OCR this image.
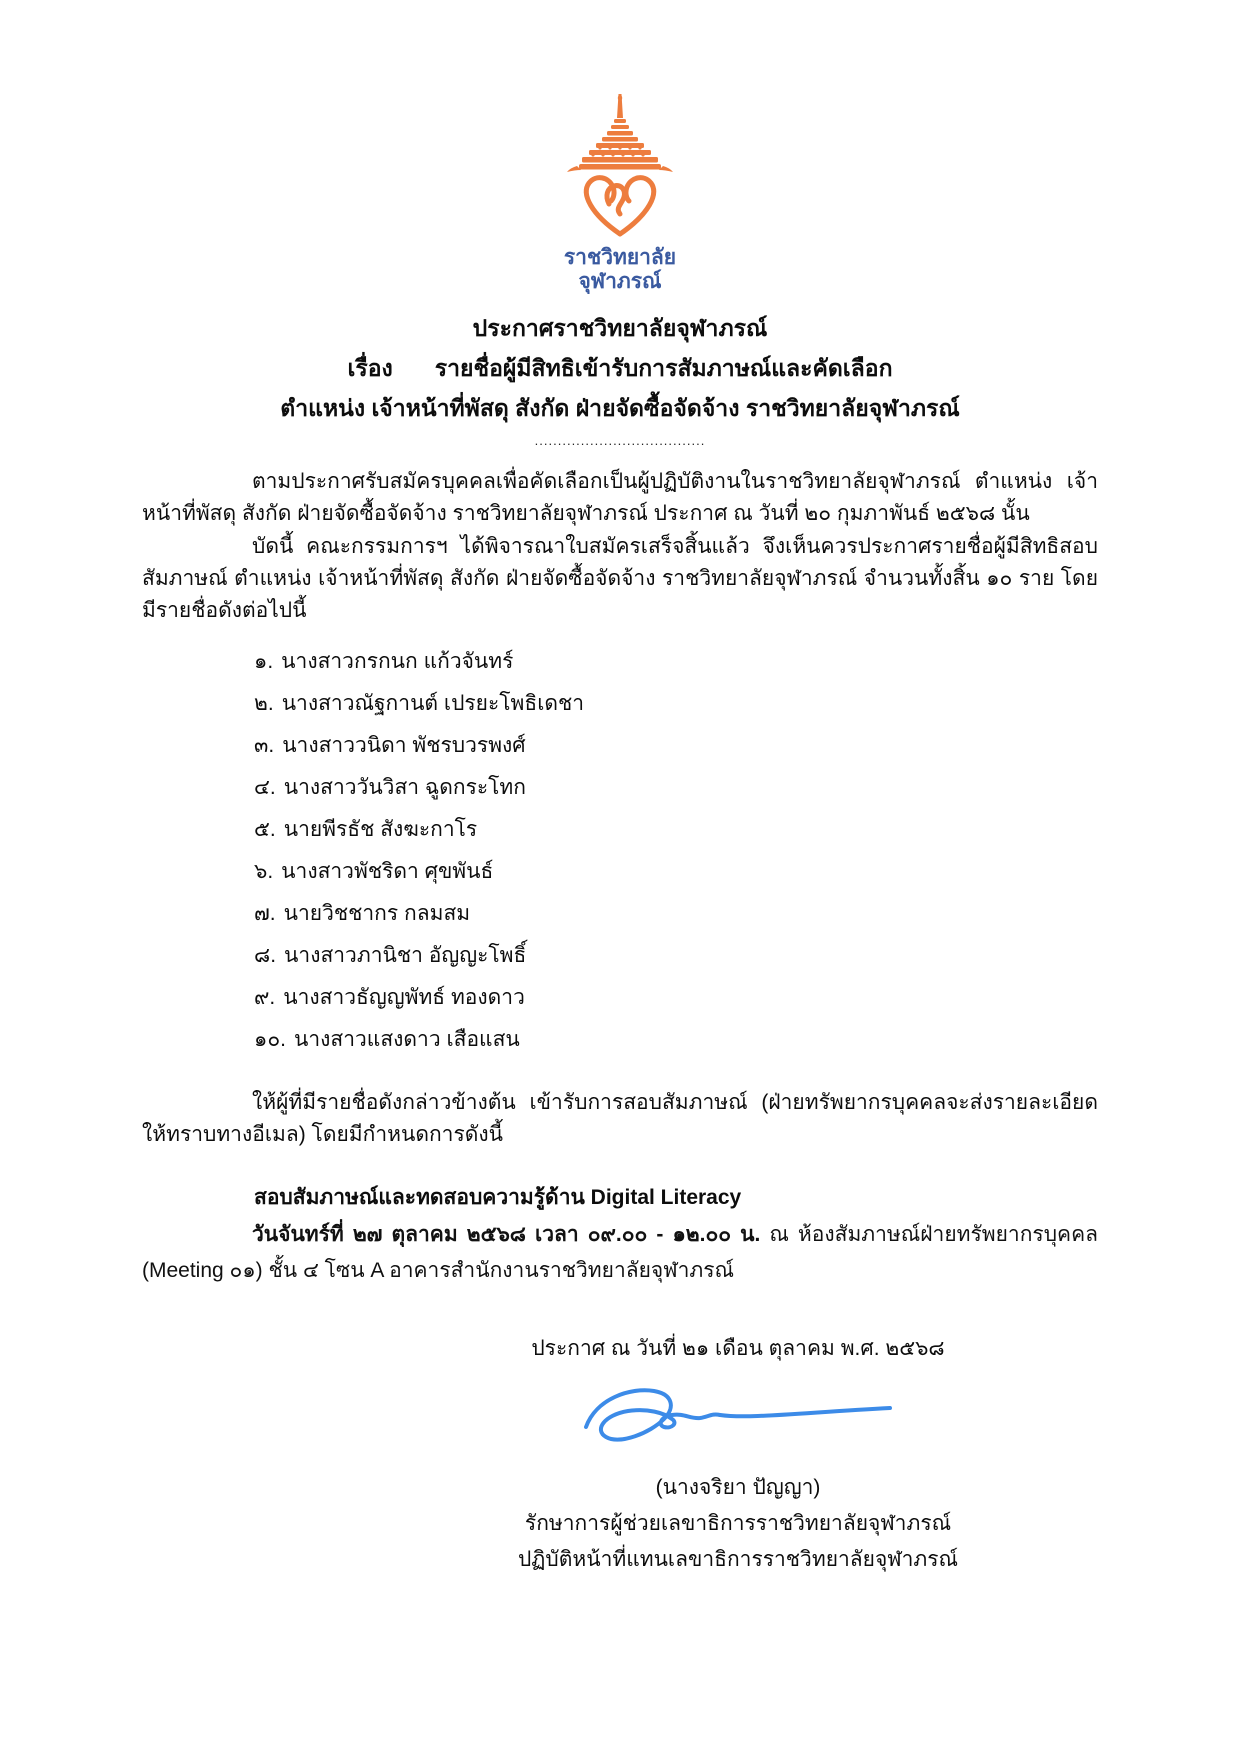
ราชวิทยาลัย
จุฬาภรณ์
ประกาศราชวิทยาลัยจุฬาภรณ์
เรื่อง รายชื่อผู้มีสิทธิเข้ารับการสัมภาษณ์และคัดเลือก
ตำแหน่ง เจ้าหน้าที่พัสดุ สังกัด ฝ่ายจัดซื้อจัดจ้าง ราชวิทยาลัยจุฬาภรณ์
.....................................

ตามประกาศรับสมัครบุคคลเพื่อคัดเลือกเป็นผู้ปฏิบัติงานในราชวิทยาลัยจุฬาภรณ์ ตำแหน่ง เจ้าหน้าที่พัสดุ สังกัด ฝ่ายจัดซื้อจัดจ้าง ราชวิทยาลัยจุฬาภรณ์ ประกาศ ณ วันที่ ๒๐ กุมภาพันธ์ ๒๕๖๘ นั้น

บัดนี้ คณะกรรมการฯ ได้พิจารณาใบสมัครเสร็จสิ้นแล้ว จึงเห็นควรประกาศรายชื่อผู้มีสิทธิสอบสัมภาษณ์ ตำแหน่ง เจ้าหน้าที่พัสดุ สังกัด ฝ่ายจัดซื้อจัดจ้าง ราชวิทยาลัยจุฬาภรณ์ จำนวนทั้งสิ้น ๑๐ ราย โดยมีรายชื่อดังต่อไปนี้

๑. นางสาวกรกนก แก้วจันทร์
๒. นางสาวณัฐกานต์ เปรยะโพธิเดชา
๓. นางสาววนิดา พัชรบวรพงศ์
๔. นางสาววันวิสา ฉูดกระโทก
๕. นายพีรธัช สังฆะกาโร
๖. นางสาวพัชริดา ศุขพันธ์
๗. นายวิชชากร กลมสม
๘. นางสาวภานิชา อัญญะโพธิ์
๙. นางสาวธัญญพัทธ์ ทองดาว
๑๐. นางสาวแสงดาว เสือแสน

ให้ผู้ที่มีรายชื่อดังกล่าวข้างต้น เข้ารับการสอบสัมภาษณ์ (ฝ่ายทรัพยากรบุคคลจะส่งรายละเอียดให้ทราบทางอีเมล) โดยมีกำหนดการดังนี้

สอบสัมภาษณ์และทดสอบความรู้ด้าน Digital Literacy

วันจันทร์ที่ ๒๗ ตุลาคม ๒๕๖๘ เวลา ๐๙.๐๐ - ๑๒.๐๐ น. ณ ห้องสัมภาษณ์ฝ่ายทรัพยากรบุคคล (Meeting ๐๑) ชั้น ๔ โซน A อาคารสำนักงานราชวิทยาลัยจุฬาภรณ์

ประกาศ ณ วันที่ ๒๑ เดือน ตุลาคม พ.ศ. ๒๕๖๘
(นางจริยา ปัญญา)
รักษาการผู้ช่วยเลขาธิการราชวิทยาลัยจุฬาภรณ์
ปฏิบัติหน้าที่แทนเลขาธิการราชวิทยาลัยจุฬาภรณ์
